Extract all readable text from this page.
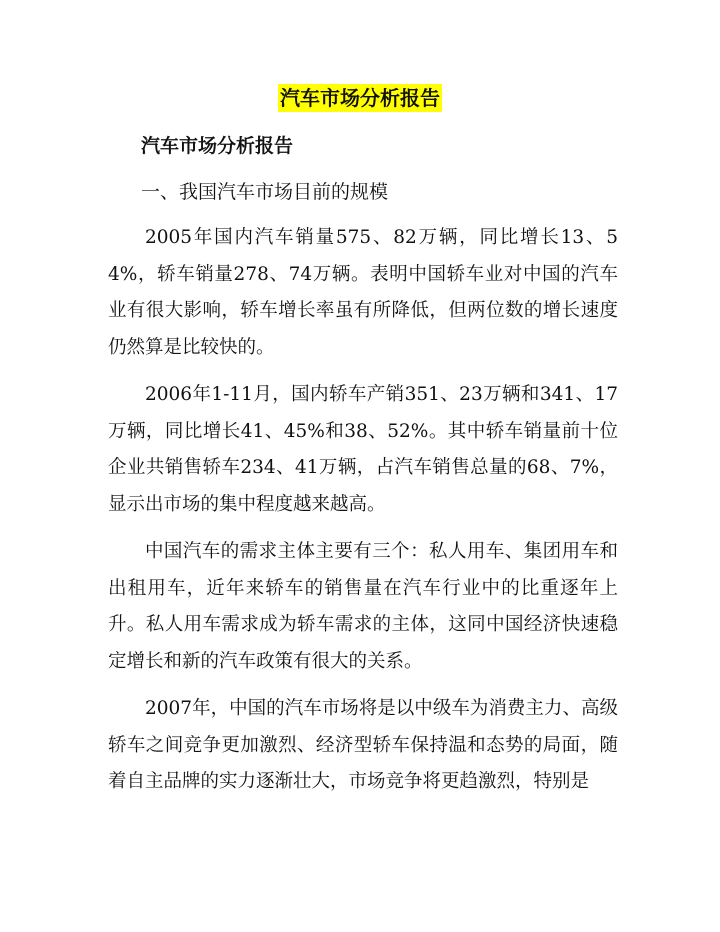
汽车市场分析报告
汽车市场分析报告
一、我国汽车市场目前的规模

2005年国内汽车销量575、82万辆，同比增长13、54%，轿车销量278、74万辆。表明中国轿车业对中国的汽车业有很大影响，轿车增长率虽有所降低，但两位数的增长速度仍然算是比较快的。

2006年1-11月，国内轿车产销351、23万辆和341、17万辆，同比增长41、45%和38、52%。其中轿车销量前十位企业共销售轿车234、41万辆，占汽车销售总量的68、7%，显示出市场的集中程度越来越高。

中国汽车的需求主体主要有三个：私人用车、集团用车和出租用车，近年来轿车的销售量在汽车行业中的比重逐年上升。私人用车需求成为轿车需求的主体，这同中国经济快速稳定增长和新的汽车政策有很大的关系。

2007年，中国的汽车市场将是以中级车为消费主力、高级轿车之间竞争更加激烈、经济型轿车保持温和态势的局面，随着自主品牌的实力逐渐壮大，市场竞争将更趋激烈，特别是
